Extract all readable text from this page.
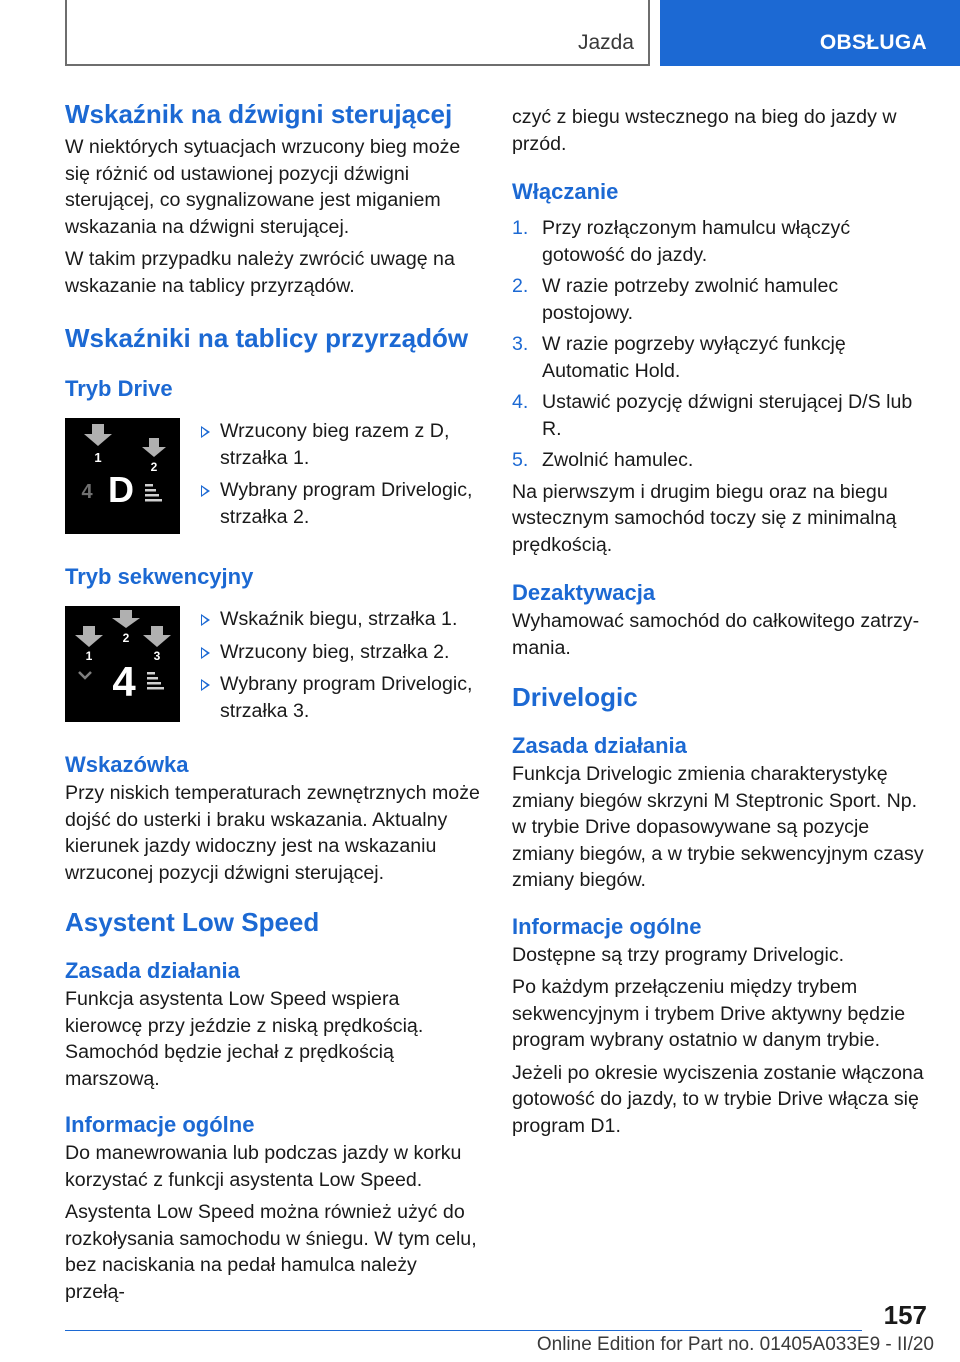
Jazda	OBSŁUGA
Wskaźnik na dźwigni sterującej

W niektórych sytuacjach wrzucony bieg może się różnić od ustawionej pozycji dźwigni sterującej, co sygnalizowane jest miganiem wskazania na dźwigni sterującej.

W takim przypadku należy zwrócić uwagę na wskazanie na tablicy przyrządów.

Wskaźniki na tablicy przyrządów
Tryb Drive
1
2
4 D
Wrzucony bieg razem z D, strzałka 1.
Wybrany program Drivelogic, strzałka 2.
Tryb sekwencyjny
2
1	3
4
Wskaźnik biegu, strzałka 1.
Wrzucony bieg, strzałka 2.
Wybrany program Drivelogic, strzałka 3.
Wskazówka

Przy niskich temperaturach zewnętrznych może dojść do usterki i braku wskazania. Aktualny kierunek jazdy widoczny jest na wskazaniu wrzuconej pozycji dźwigni sterującej.

Asystent Low Speed
Zasada działania

Funkcja asystenta Low Speed wspiera kierowcę przy jeździe z niską prędkością. Samochód będzie jechał z prędkością marszową.

Informacje ogólne

Do manewrowania lub podczas jazdy w korku korzystać z funkcji asystenta Low Speed.

Asystenta Low Speed można również użyć do rozkołysania samochodu w śniegu. W tym celu, bez naciskania na pedał hamulca należy przełą-

czyć z biegu wstecznego na bieg do jazdy w przód.

Włączanie
1. Przy rozłączonym hamulcu włączyć gotowość do jazdy.
2. W razie potrzeby zwolnić hamulec postojowy.
3. W razie pogrzeby wyłączyć funkcję Automatic Hold.
4. Ustawić pozycję dźwigni sterującej D/S lub R.
5. Zwolnić hamulec.

Na pierwszym i drugim biegu oraz na biegu wstecznym samochód toczy się z minimalną prędkością.

Dezaktywacja

Wyhamować samochód do całkowitego zatrzymania.

Drivelogic
Zasada działania

Funkcja Drivelogic zmienia charakterystykę zmiany biegów skrzyni M Steptronic Sport. Np. w trybie Drive dopasowywane są pozycje zmiany biegów, a w trybie sekwencyjnym czasy zmiany biegów.

Informacje ogólne

Dostępne są trzy programy Drivelogic.

Po każdym przełączeniu między trybem sekwencyjnym i trybem Drive aktywny będzie program wybrany ostatnio w danym trybie.

Jeżeli po okresie wyciszenia zostanie włączona gotowość do jazdy, to w trybie Drive włącza się program D1.

157
Online Edition for Part no. 01405A033E9 - II/20
